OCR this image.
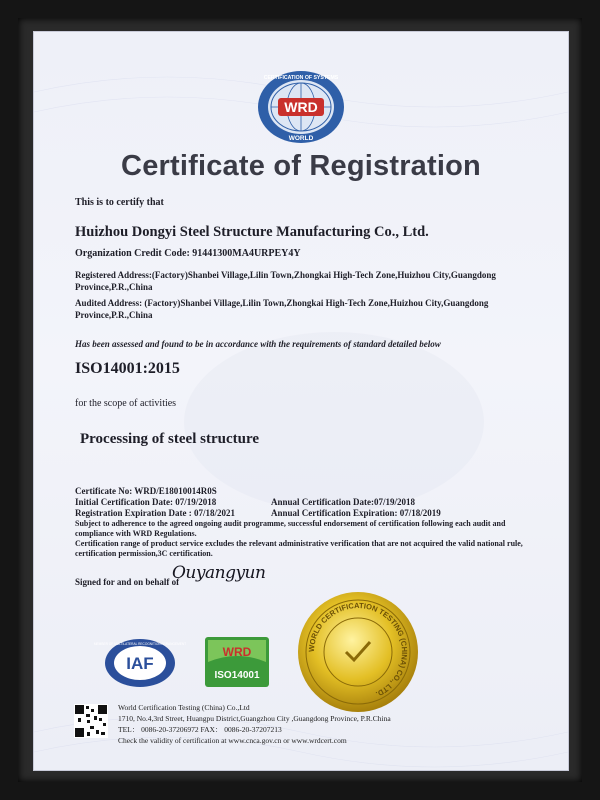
WRD
CERTIFICATION OF SYSTEMS
WORLD
Certificate of Registration
This is to certify that
Huizhou Dongyi Steel Structure Manufacturing Co., Ltd.
Organization Credit Code: 91441300MA4URPEY4Y
Registered Address:(Factory)Shanbei Village,Lilin Town,Zhongkai High-Tech Zone,Huizhou City,Guangdong Province,P.R.,China
Audited Address: (Factory)Shanbei Village,Lilin Town,Zhongkai High-Tech Zone,Huizhou City,Guangdong Province,P.R.,China
Has been assessed and found to be in accordance with the requirements of standard detailed below
ISO14001:2015
for the scope of activities
Processing of steel structure
Certificate No: WRD/E18010014R0S
Initial Certification Date: 07/19/2018	Annual Certification Date:07/19/2018
Registration Expiration Date : 07/18/2021	Annual Certification Expiration: 07/18/2019
Subject to adherence to the agreed ongoing audit programme, successful endorsement of certification following each audit and compliance with WRD Regulations.
Certification range of product service excludes the relevant administrative verification that are not acquired the valid national rule, certification permission,3C certification.
Signed for and on behalf of
Ouyangyun
IAF
MEMBER OF MULTILATERAL RECOGNITION ARRANGEMENT
WRD
ISO14001
WORLD CERTIFICATION TESTING (CHINA) CO., LTD.
World Certification Testing (China) Co.,Ltd
1710, No.4,3rd Street, Huangpu District,Guangzhou City ,Guangdong Province, P.R.China
TEL： 0086-20-37206972 FAX： 0086-20-37207213
Check the validity of certification at www.cnca.gov.cn or www.wrdcert.com
